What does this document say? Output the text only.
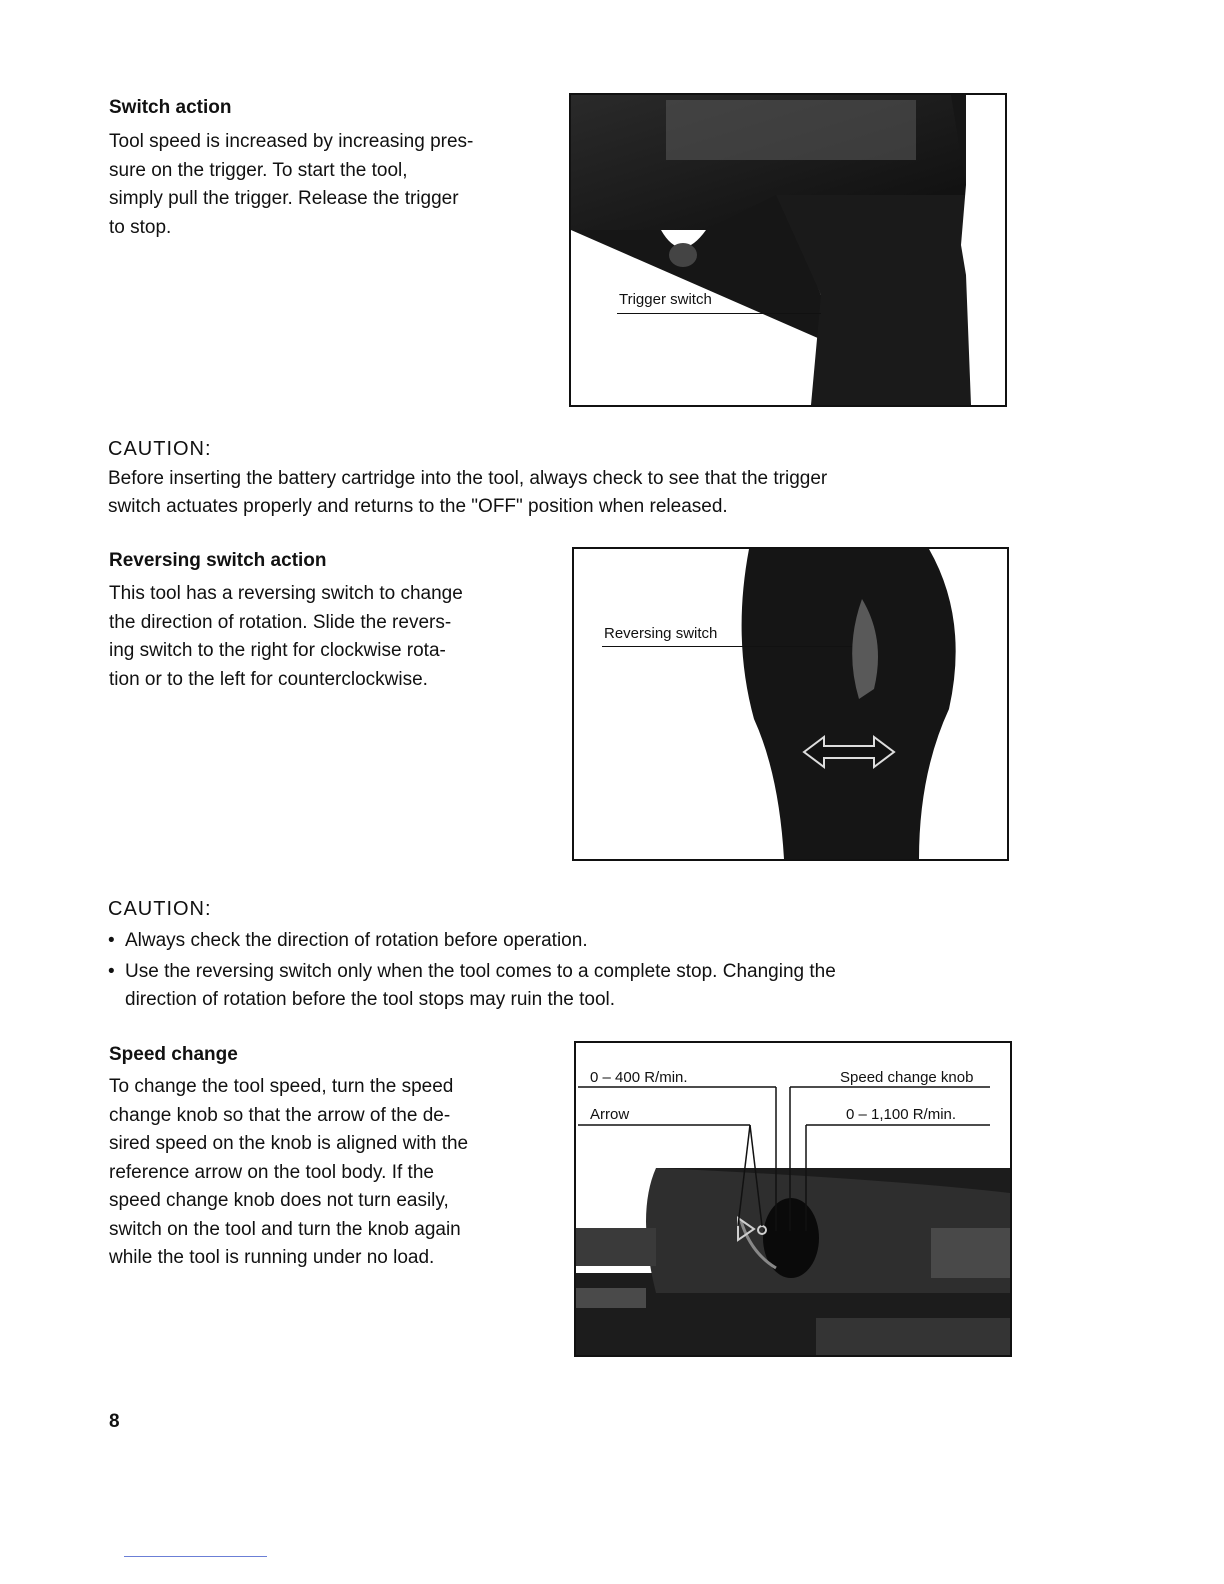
Switch action
Tool speed is increased by increasing pres-
sure on the trigger. To start the tool,
simply pull the trigger. Release the trigger
to stop.
Trigger switch
CAUTION:
Before inserting the battery cartridge into the tool, always check to see that the trigger
switch actuates properly and returns to the "OFF" position when released.
Reversing switch action
This tool has a reversing switch to change
the direction of rotation. Slide the revers-
ing switch to the right for clockwise rota-
tion or to the left for counterclockwise.
Reversing switch
CAUTION:
• Always check the direction of rotation before operation.
• Use the reversing switch only when the tool comes to a complete stop. Changing the
direction of rotation before the tool stops may ruin the tool.
Speed change
To change the tool speed, turn the speed
change knob so that the arrow of the de-
sired speed on the knob is aligned with the
reference arrow on the tool body. If the
speed change knob does not turn easily,
switch on the tool and turn the knob again
while the tool is running under no load.
0 – 400 R/min.	Speed change knob
Arrow	0 – 1,100 R/min.
8
